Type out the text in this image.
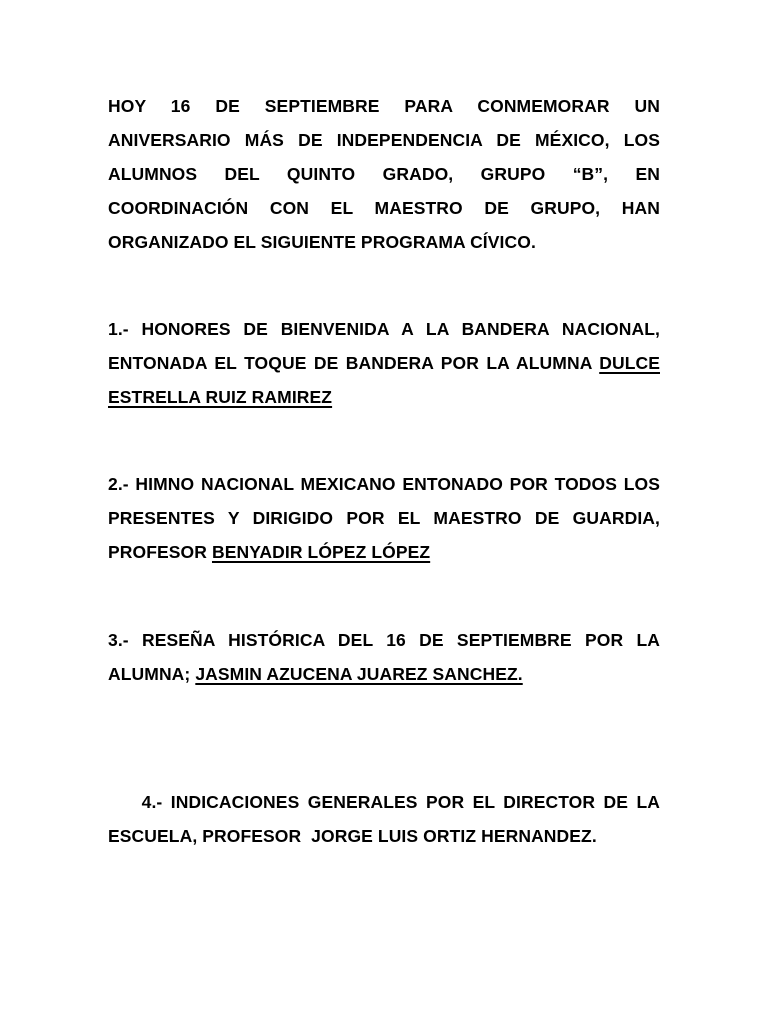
HOY 16 DE SEPTIEMBRE PARA CONMEMORAR UN ANIVERSARIO MÁS DE INDEPENDENCIA DE MÉXICO, LOS ALUMNOS DEL QUINTO GRADO, GRUPO “B”, EN COORDINACIÓN CON EL MAESTRO DE GRUPO, HAN ORGANIZADO EL SIGUIENTE PROGRAMA CÍVICO.

1.- HONORES DE BIENVENIDA A LA BANDERA NACIONAL, ENTONADA EL TOQUE DE BANDERA POR LA ALUMNA DULCE ESTRELLA RUIZ RAMIREZ

2.- HIMNO NACIONAL MEXICANO ENTONADO POR TODOS LOS PRESENTES Y DIRIGIDO POR EL MAESTRO DE GUARDIA, PROFESOR BENYADIR LÓPEZ LÓPEZ

3.- RESEÑA HISTÓRICA DEL 16 DE SEPTIEMBRE POR LA ALUMNA; JASMIN AZUCENA JUAREZ SANCHEZ.

4.- INDICACIONES GENERALES POR EL DIRECTOR DE LA ESCUELA, PROFESOR  JORGE LUIS ORTIZ HERNANDEZ.
